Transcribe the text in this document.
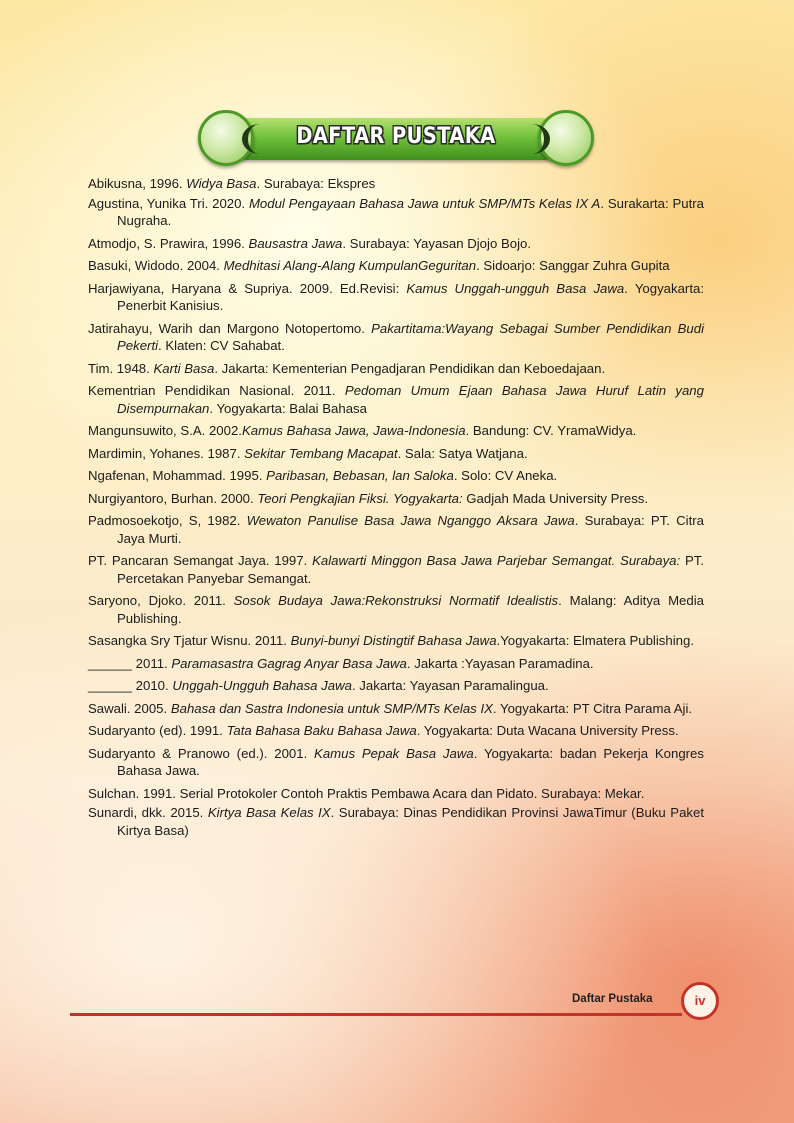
DAFTAR PUSTAKA
Abikusna, 1996. Widya Basa. Surabaya: Ekspres
Agustina, Yunika Tri. 2020. Modul Pengayaan Bahasa Jawa untuk SMP/MTs Kelas IX A. Surakarta: Putra Nugraha.
Atmodjo, S. Prawira, 1996. Bausastra Jawa. Surabaya: Yayasan Djojo Bojo.
Basuki, Widodo. 2004. Medhitasi Alang-Alang KumpulanGeguritan. Sidoarjo: Sanggar Zuhra Gupita
Harjawiyana, Haryana & Supriya. 2009. Ed.Revisi: Kamus Unggah-ungguh Basa Jawa. Yogyakarta: Penerbit Kanisius.
Jatirahayu, Warih dan Margono Notopertomo. Pakartitama:Wayang Sebagai Sumber Pendidikan Budi Pekerti. Klaten: CV Sahabat.
Tim. 1948. Karti Basa. Jakarta: Kementerian Pengadjaran Pendidikan dan Keboedajaan.
Kementrian Pendidikan Nasional. 2011. Pedoman Umum Ejaan Bahasa Jawa Huruf Latin yang Disempurnakan. Yogyakarta: Balai Bahasa
Mangunsuwito, S.A. 2002.Kamus Bahasa Jawa, Jawa-Indonesia. Bandung: CV. YramaWidya.
Mardimin, Yohanes. 1987. Sekitar Tembang Macapat. Sala: Satya Watjana.
Ngafenan, Mohammad. 1995. Paribasan, Bebasan, lan Saloka. Solo: CV Aneka.
Nurgiyantoro, Burhan. 2000. Teori Pengkajian Fiksi. Yogyakarta: Gadjah Mada University Press.
Padmosoekotjo, S, 1982. Wewaton Panulise Basa Jawa Nganggo Aksara Jawa. Surabaya: PT. Citra Jaya Murti.
PT. Pancaran Semangat Jaya. 1997. Kalawarti Minggon Basa Jawa Parjebar Semangat. Surabaya: PT. Percetakan Panyebar Semangat.
Saryono, Djoko. 2011. Sosok Budaya Jawa:Rekonstruksi Normatif Idealistis. Malang: Aditya Media Publishing.
Sasangka Sry Tjatur Wisnu. 2011. Bunyi-bunyi Distingtif Bahasa Jawa.Yogyakarta: Elmatera Publishing.
______ 2011. Paramasastra Gagrag Anyar Basa Jawa. Jakarta :Yayasan Paramadina.
______ 2010. Unggah-Ungguh Bahasa Jawa. Jakarta: Yayasan Paramalingua.
Sawali. 2005. Bahasa dan Sastra Indonesia untuk SMP/MTs Kelas IX. Yogyakarta: PT Citra Parama Aji.
Sudaryanto (ed). 1991. Tata Bahasa Baku Bahasa Jawa. Yogyakarta: Duta Wacana University Press.
Sudaryanto & Pranowo (ed.). 2001. Kamus Pepak Basa Jawa. Yogyakarta: badan Pekerja Kongres Bahasa Jawa.
Sulchan. 1991. Serial Protokoler Contoh Praktis Pembawa Acara dan Pidato. Surabaya: Mekar.
Sunardi, dkk. 2015. Kirtya Basa Kelas IX. Surabaya: Dinas Pendidikan Provinsi JawaTimur (Buku Paket Kirtya Basa)
Daftar Pustaka	iv
